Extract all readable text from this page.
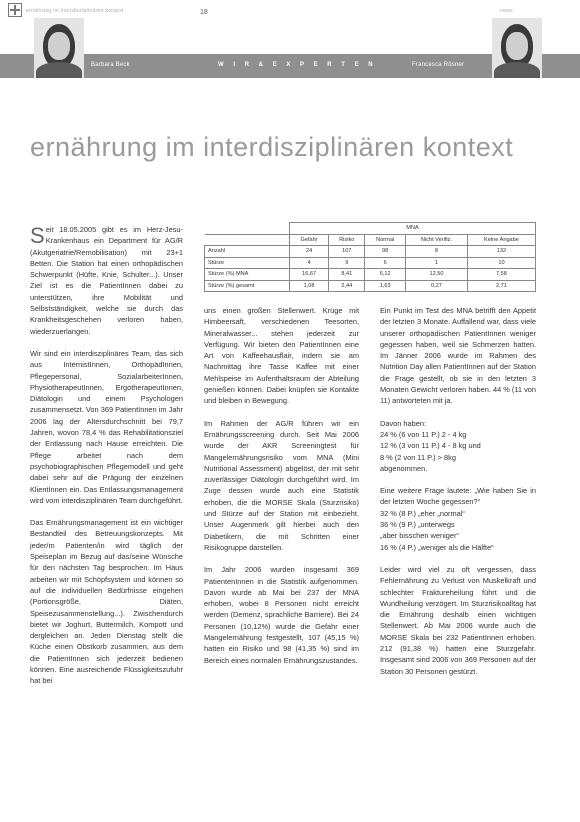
ernährung im interdisziplinären kontext	18	news
Barbara Beck	W I R & E X P E R T E N	Francesca Rösner
ernährung im interdisziplinären kontext

Seit 18.05.2005 gibt es im Herz-Jesu-Krankenhaus ein Department für AG/R (Akutgeriatrie/Remobilisation) mit 23+1 Betten. Die Station hat einen orthopädischen Schwerpunkt (Hüfte, Knie, Schulter...). Unser Ziel ist es die PatientInnen dabei zu unterstützen, ihre Mobilität und Selbstständigkeit, welche sie durch das Krankheitsgeschehen verloren haben, wiederzuerlangen.

Wir sind ein interdisziplinäres Team, das sich aus InternistInnen, OrthopädInnen, Pflegepersonal, SozialarbeiterInnen, PhysiotherapeutInnen, ErgotherapeutInnen, Diätologin und einem Psychologen zusammensetzt. Von 369 PatientInnen im Jahr 2006 lag der Altersdurchschnitt bei 79,7 Jahren, wovon 78,4 % das Rehabilitationsziel der Entlassung nach Hause erreichten. Die Pflege arbeitet nach dem psychobiographischen Pflegemodell und geht dabei sehr auf die Prägung der einzelnen KlientInnen ein. Das Entlassungsmanagement wird vom interdisziplinären Team durchgeführt.

Das Ernährungsmanagement ist ein wichtiger Bestandteil des Betreuungskonzepts. Mit jeder/m Patienten/in wird täglich der Speiseplan im Bezug auf das/seine Wünsche für den nächsten Tag besprochen. Im Haus arbeiten wir mit Schöpfsystem und können so auf die individuellen Bedürfnisse eingehen (Portionsgröße, Diäten, Speisezusammenstellung...). Zwischendurch bietet wir Joghurt, Buttermilch, Kompott und dergleichen an. Jeden Dienstag stellt die Küche einen Obstkorb zusammen, aus dem die PatientInnen sich jederzeit bedienen können. Eine ausreichende Flüssigkeitszufuhr hat bei

	MNA				
	Gefahr	Risiko	Normal	Nicht Verifiz.	Keine Angabe
Anzahl	24	107	98	8	132
Stürze	4	9	6	1	10
Stürze (%) MNA	16,67	8,41	6,12	12,50	7,58
Stürze (%) gesamt	1,08	2,44	1,63	0,27	2,71

uns einen großen Stellenwert. Krüge mit Himbeersaft, verschiedenen Teesorten, Mineralwasser... stehen jederzeit zur Verfügung. Wir bieten den PatientInnen eine Art von Kaffeehausflair, indem sie am Nachmittag ihre Tasse Kaffee mit einer Mehlspeise im Aufenthaltsraum der Abteilung genießen können. Dabei knüpfen sie Kontakte und bleiben in Bewegung.

Im Rahmen der AG/R führen wir ein Ernährungsscreening durch. Seit Mai 2006 wurde der AKR Screeningtest für Mangelernährungsrisiko vom MNA (Mini Nutritional Assessment) abgelöst, der mit sehr zuverlässiger Diätologin durchgeführt wird. Im Zuge dessen wurde auch eine Statistik erhoben, die die MORSE Skala (Sturzrisiko) und Stürze auf der Station mit einbezieht. Unser Augenmerk gilt hierbei auch den Diabetikern, die mit Schritten einer Risikogruppe darstellen.

Im Jahr 2006 wurden insgesamt 369 PatientenInnen in die Statistik aufgenommen. Davon wurde ab Mai bei 237 der MNA erhoben, wobei 8 Personen nicht erreicht werden (Demenz, sprachliche Barriere). Bei 24 Personen (10,12%) wurde die Gefahr einer Mangelernährung festgestellt, 107 (45,15 %) hatten ein Risiko und 98 (41,35 %) sind im Bereich eines normalen Ernährungszustandes.

Ein Punkt im Test des MNA betrifft den Appetit der letzten 3 Monate. Auffallend war, dass viele unserer orthopädischen PatientInnen weniger gegessen haben, weil sie Schmerzen hatten. Im Jänner 2006 wurde im Rahmen des Nutrition Day allen PatientInnen auf der Station die Frage gestellt, ob sie in den letzten 3 Monaten Gewicht verloren haben. 44 % (11 von 11) antworteten mit ja.

Davon haben:
24 % (6 von 11 P.) 2 - 4 kg
12 % (3 von 11 P.) 4 - 8 kg und
8 % (2 von 11 P.) > 8kg

abgenommen.

Eine weitere Frage lautete: „Wie haben Sie in der letzten Woche gegessen?“
32 % (8 P.) „eher „normal“
36 % (9 P.) „unterwegs
„aber bisschen weniger“
16 % (4 P.) „weniger als die Hälfte“

Leider wird viel zu oft vergessen, dass Fehlernährung zu Verlust von Muskelkraft und schlechter Fraktureheilung führt und die Wundheilung verzögert. Im Sturzrisikoalltag hat die Ernährung deshalb einen wichtigen Stellenwert. Ab Mai 2006 wurde auch die MORSE Skala bei 232 PatientInnen erhoben. 212 (91,38 %) hatten eine Sturzgefahr. Insgesamt sind 2006 von 369 Personen auf der Station 30 Personen gestürzt.
